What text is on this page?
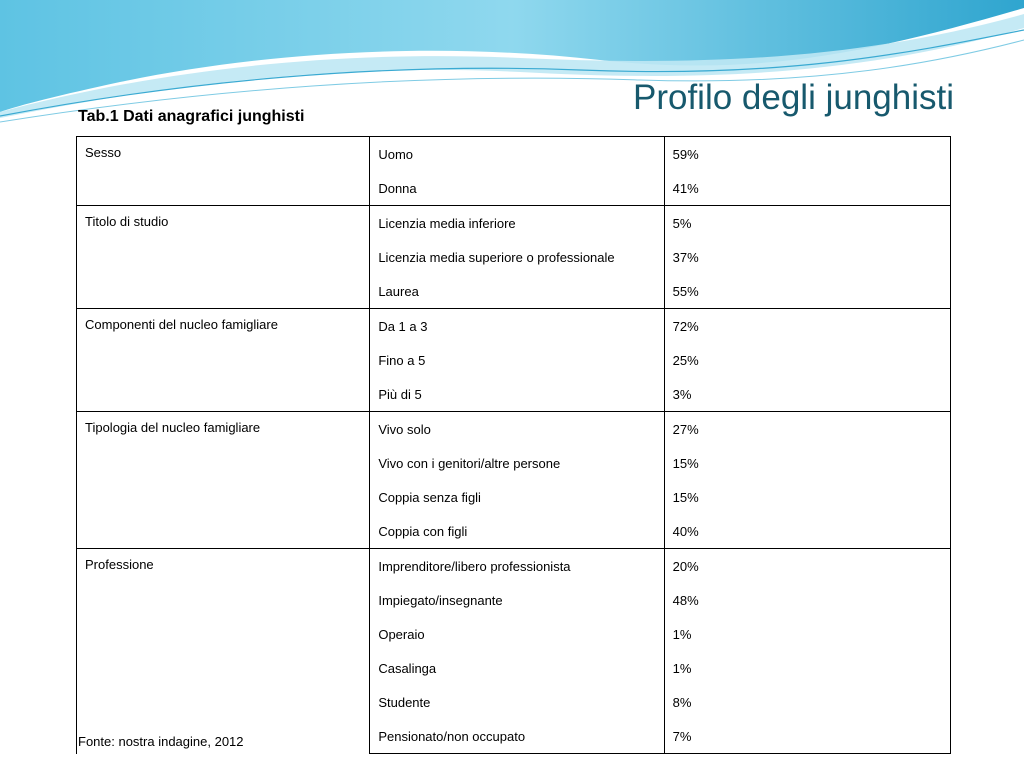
Profilo degli junghisti
Tab.1 Dati anagrafici junghisti
Sesso	Uomo	59%
	Donna	41%
Titolo di studio	Licenzia media inferiore	5%
	Licenzia media superiore o professionale	37%
	Laurea	55%
Componenti del nucleo famigliare	Da 1 a 3	72%
	Fino a 5	25%
	Più di 5	3%
Tipologia del nucleo famigliare	Vivo solo	27%
	Vivo con i genitori/altre persone	15%
	Coppia senza figli	15%
	Coppia con figli	40%
Professione	Imprenditore/libero professionista	20%
	Impiegato/insegnante	48%
	Operaio	1%
	Casalinga	1%
	Studente	8%
	Pensionato/non occupato	7%
Fonte: nostra indagine, 2012
